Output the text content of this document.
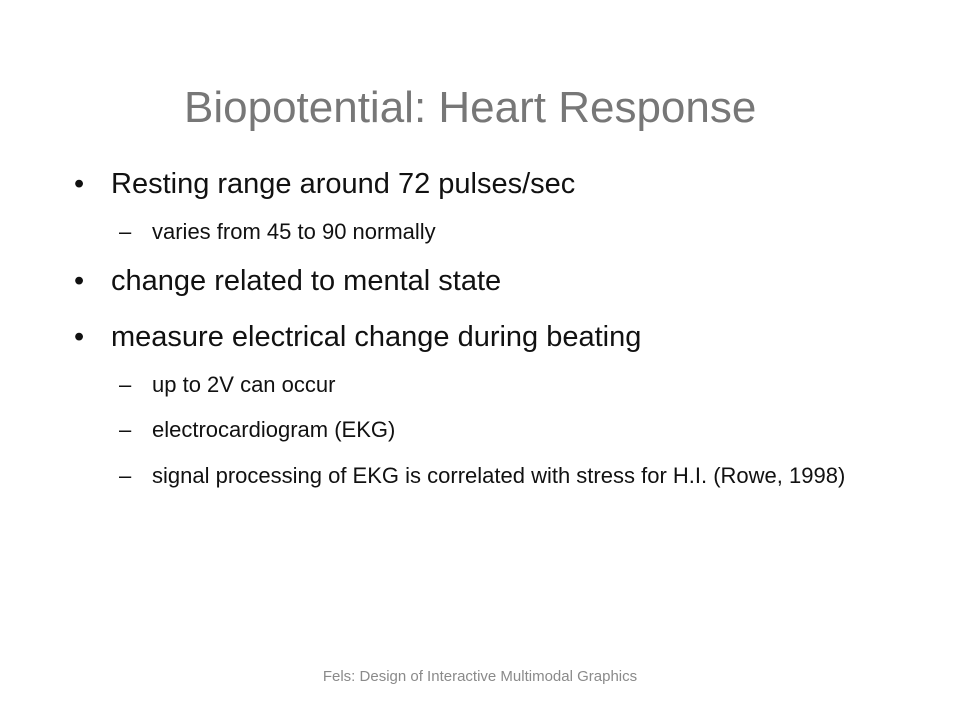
Biopotential: Heart Response
• Resting range around 72 pulses/sec
– varies from 45 to 90 normally
• change related to mental state
• measure electrical change during beating
– up to 2V can occur
– electrocardiogram (EKG)
– signal processing of EKG is correlated with stress for H.I. (Rowe, 1998)
Fels: Design of Interactive Multimodal Graphics
